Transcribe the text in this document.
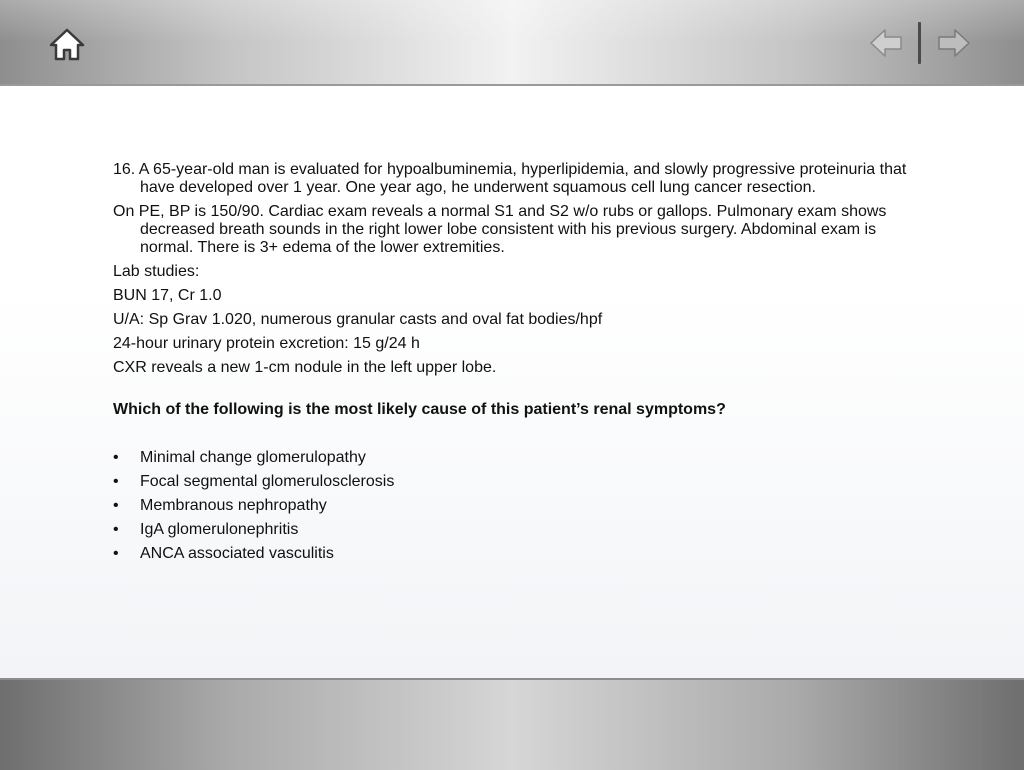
16. A 65-year-old man is evaluated for hypoalbuminemia, hyperlipidemia, and slowly progressive proteinuria that have developed over 1 year. One year ago, he underwent squamous cell lung cancer resection.

On PE, BP is 150/90. Cardiac exam reveals a normal S1 and S2 w/o rubs or gallops. Pulmonary exam shows decreased breath sounds in the right lower lobe consistent with his previous surgery. Abdominal exam is normal. There is 3+ edema of the lower extremities.

Lab studies:

BUN 17, Cr 1.0

U/A: Sp Grav 1.020, numerous granular casts and oval fat bodies/hpf

24-hour urinary protein excretion: 15 g/24 h

CXR reveals a new 1-cm nodule in the left upper lobe.

Which of the following is the most likely cause of this patient’s renal symptoms?

• Minimal change glomerulopathy
• Focal segmental glomerulosclerosis
• Membranous nephropathy
• IgA glomerulonephritis
• ANCA associated vasculitis
